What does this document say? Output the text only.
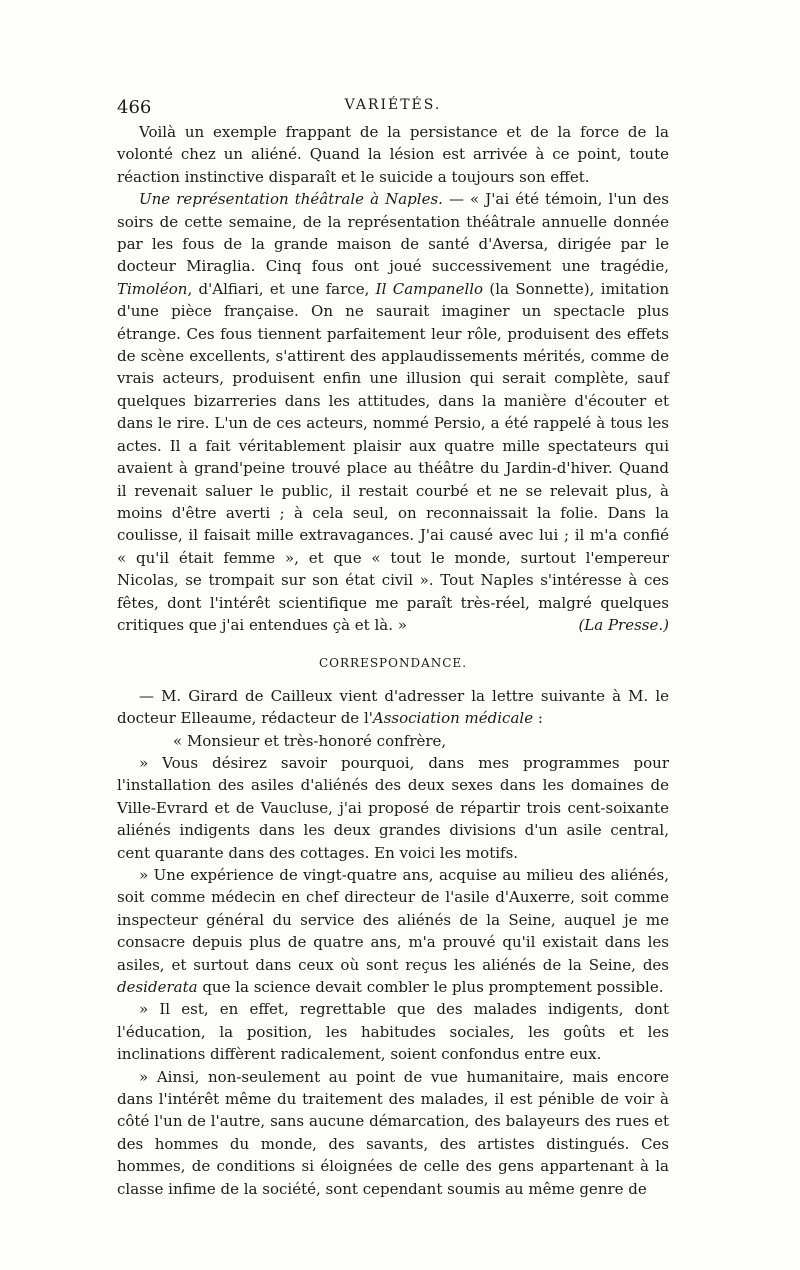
466	VARIÉTÉS.

Voilà un exemple frappant de la persistance et de la force de la volonté chez un aliéné. Quand la lésion est arrivée à ce point, toute réaction instinctive disparaît et le suicide a toujours son effet.

Une représentation théâtrale à Naples. — « J'ai été témoin, l'un des soirs de cette semaine, de la représentation théâtrale annuelle donnée par les fous de la grande maison de santé d'Aversa, dirigée par le docteur Miraglia. Cinq fous ont joué successivement une tragédie, Timoléon, d'Alfiari, et une farce, Il Campanello (la Sonnette), imitation d'une pièce française. On ne saurait imaginer un spectacle plus étrange. Ces fous tiennent parfaitement leur rôle, produisent des effets de scène excellents, s'attirent des applaudissements mérités, comme de vrais acteurs, produisent enfin une illusion qui serait complète, sauf quelques bizarreries dans les attitudes, dans la manière d'écouter et dans le rire. L'un de ces acteurs, nommé Persio, a été rappelé à tous les actes. Il a fait véritablement plaisir aux quatre mille spectateurs qui avaient à grand'peine trouvé place au théâtre du Jardin-d'hiver. Quand il revenait saluer le public, il restait courbé et ne se relevait plus, à moins d'être averti ; à cela seul, on reconnaissait la folie. Dans la coulisse, il faisait mille extravagances. J'ai causé avec lui ; il m'a confié « qu'il était femme », et que « tout le monde, surtout l'empereur Nicolas, se trompait sur son état civil ». Tout Naples s'intéresse à ces fêtes, dont l'intérêt scientifique me paraît très-réel, malgré quelques critiques que j'ai entendues çà et là. »	(La Presse.)

CORRESPONDANCE.

— M. Girard de Cailleux vient d'adresser la lettre suivante à M. le docteur Elleaume, rédacteur de l'Association médicale :

« Monsieur et très-honoré confrère,

» Vous désirez savoir pourquoi, dans mes programmes pour l'installation des asiles d'aliénés des deux sexes dans les domaines de Ville-Evrard et de Vaucluse, j'ai proposé de répartir trois cent-soixante aliénés indigents dans les deux grandes divisions d'un asile central, cent quarante dans des cottages. En voici les motifs.

» Une expérience de vingt-quatre ans, acquise au milieu des aliénés, soit comme médecin en chef directeur de l'asile d'Auxerre, soit comme inspecteur général du service des aliénés de la Seine, auquel je me consacre depuis plus de quatre ans, m'a prouvé qu'il existait dans les asiles, et surtout dans ceux où sont reçus les aliénés de la Seine, des desiderata que la science devait combler le plus promptement possible.

» Il est, en effet, regrettable que des malades indigents, dont l'éducation, la position, les habitudes sociales, les goûts et les inclinations diffèrent radicalement, soient confondus entre eux.

» Ainsi, non-seulement au point de vue humanitaire, mais encore dans l'intérêt même du traitement des malades, il est pénible de voir à côté l'un de l'autre, sans aucune démarcation, des balayeurs des rues et des hommes du monde, des savants, des artistes distingués. Ces hommes, de conditions si éloignées de celle des gens appartenant à la classe infime de la société, sont cependant soumis au même genre de
